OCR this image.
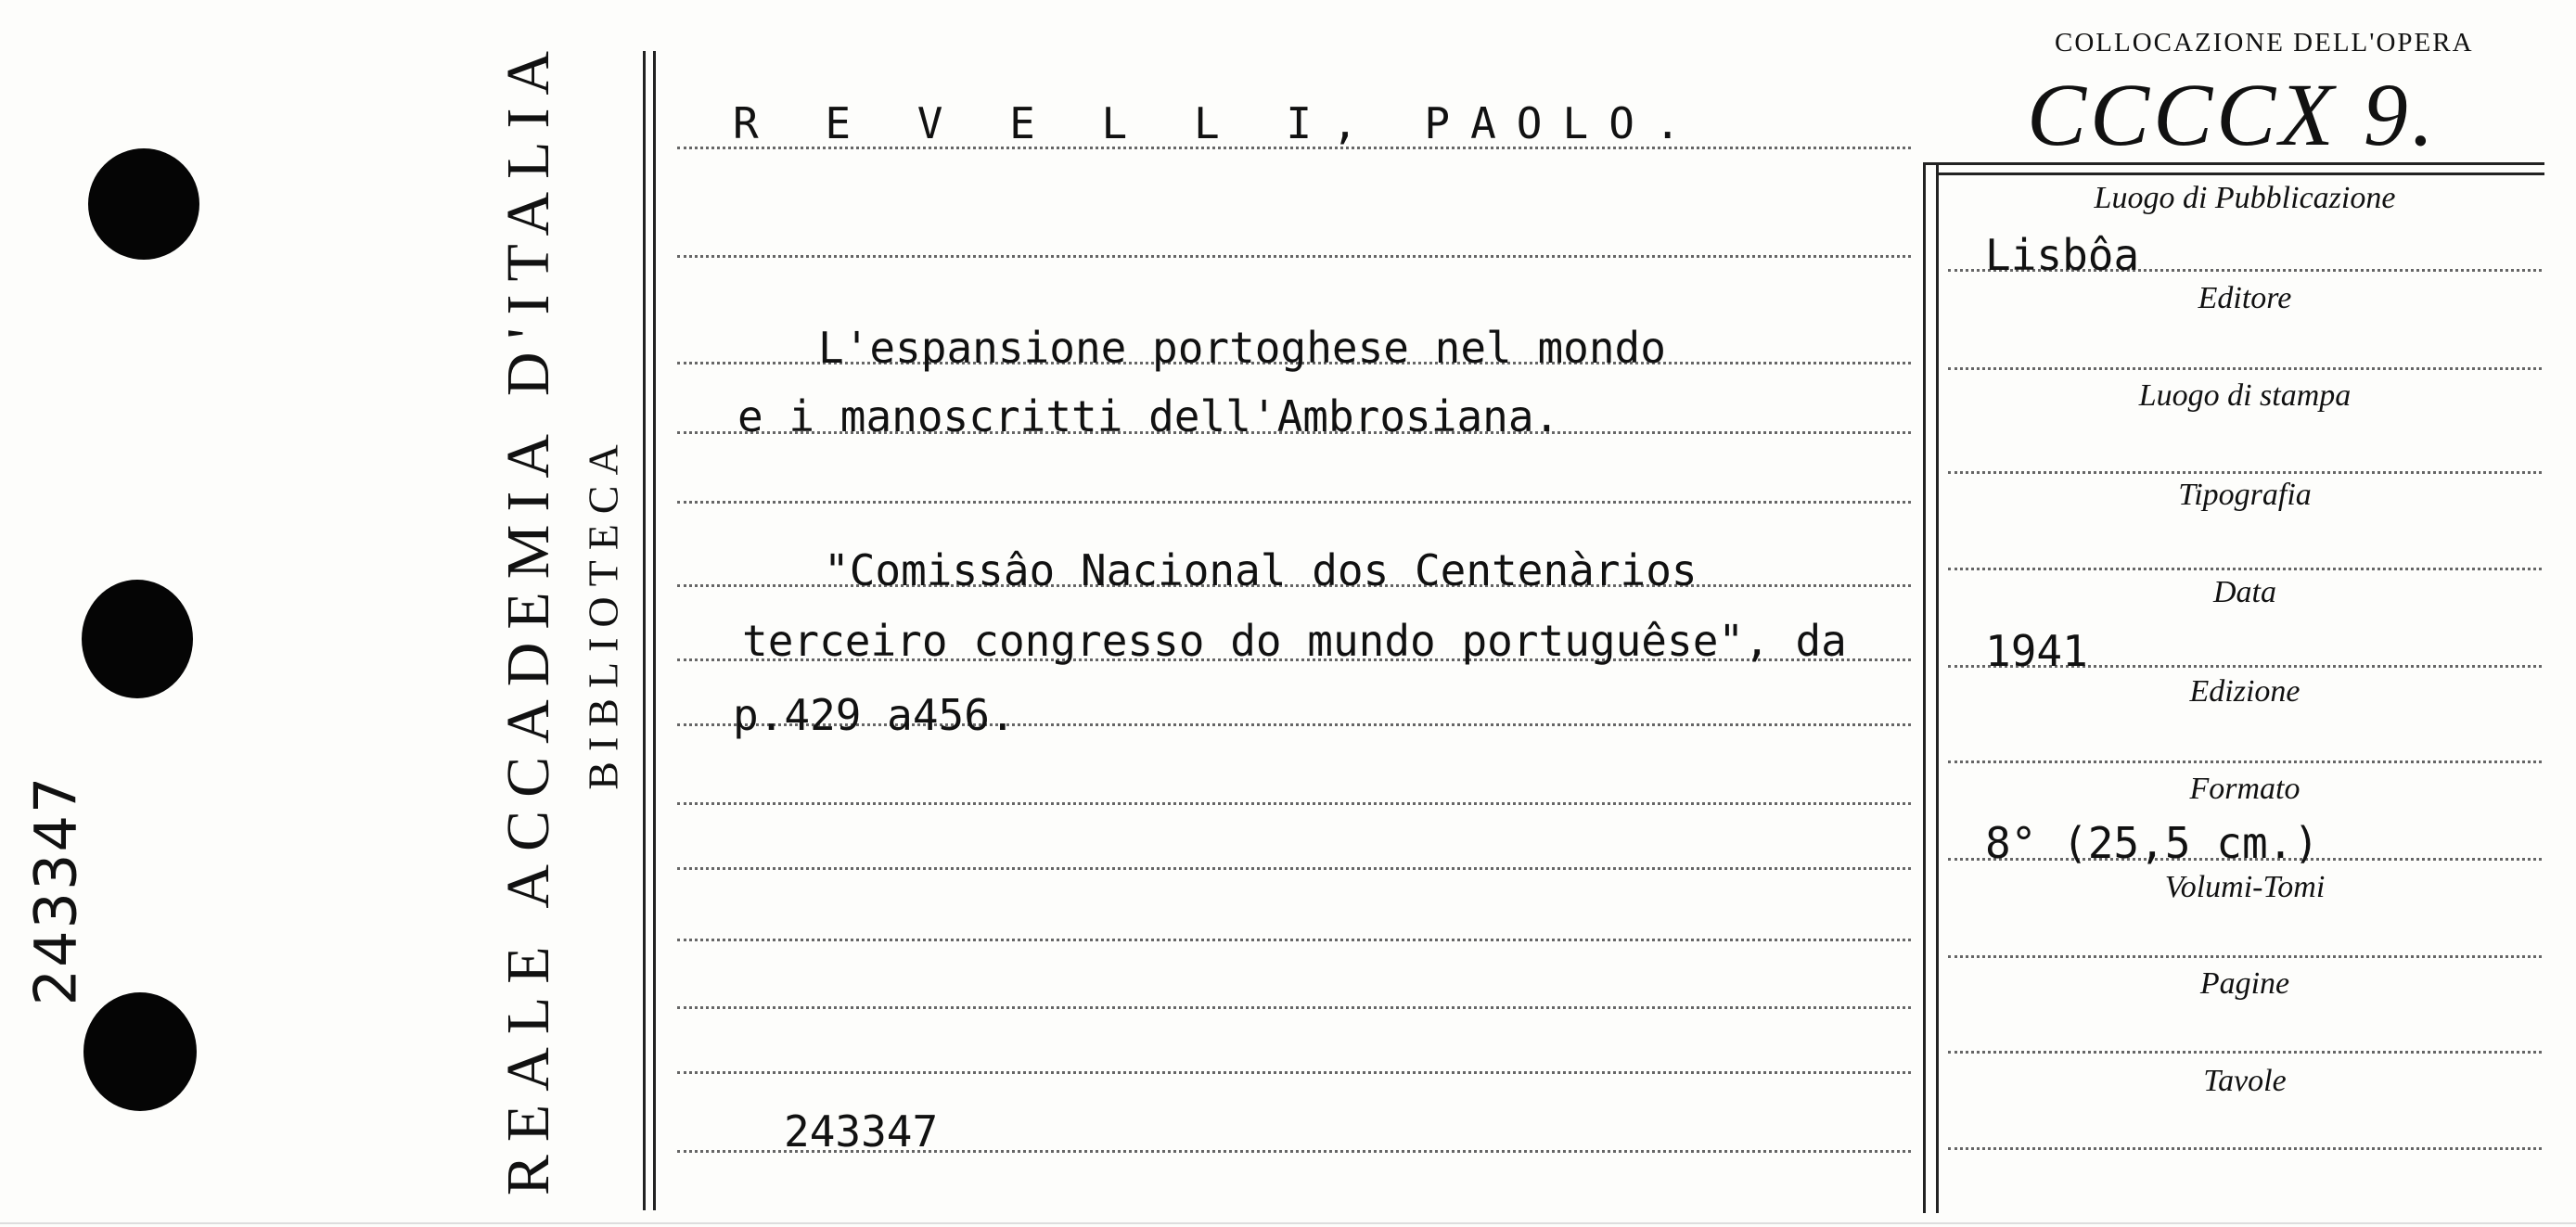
243347	REALE ACCADEMIA D'ITALIA BIBLIOTECA
COLLOCAZIONE DELL'OPERA
CCCCX 9.
R E V E L L I, PAOLO.
L'espansione portoghese nel mondo
e i manoscritti dell'Ambrosiana.
"Comissâo Nacional dos Centenàrios
terceiro congresso do mundo portuguêse", da
p.429 a456.
243347
Luogo di Pubblicazione
Editore
Luogo di stampa
Tipografia
Data
Edizione
Formato
Volumi-Tomi
Pagine
Tavole
Lisbôa
1941
8° (25,5 cm.)
